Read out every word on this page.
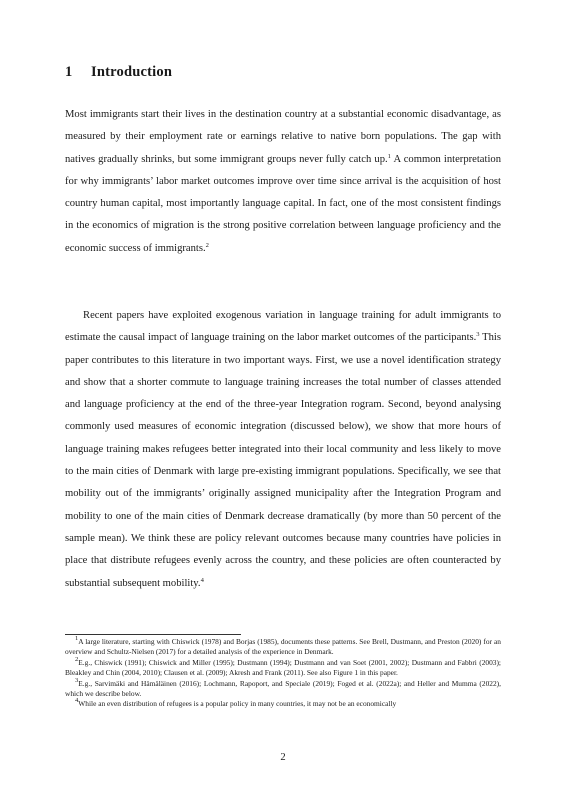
1 Introduction

Most immigrants start their lives in the destination country at a substantial economic disadvantage, as measured by their employment rate or earnings relative to native born populations. The gap with natives gradually shrinks, but some immigrant groups never fully catch up.$^1$ A common interpretation for why immigrants’ labor market outcomes improve over time since arrival is the acquisition of host country human capital, most importantly language capital. In fact, one of the most consistent findings in the economics of migration is the strong positive correlation between language proficiency and the economic success of immigrants.$^2$

Recent papers have exploited exogenous variation in language training for adult immigrants to estimate the causal impact of language training on the labor market outcomes of the participants.$^3$ This paper contributes to this literature in two important ways. First, we use a novel identification strategy and show that a shorter commute to language training increases the total number of classes attended and language proficiency at the end of the three-year Integration rogram. Second, beyond analysing commonly used measures of economic integration (discussed below), we show that more hours of language training makes refugees better integrated into their local community and less likely to move to the main cities of Denmark with large pre-existing immigrant populations. Specifically, we see that mobility out of the immigrants’ originally assigned municipality after the Integration Program and mobility to one of the main cities of Denmark decrease dramatically (by more than 50 percent of the sample mean). We think these are policy relevant outcomes because many countries have policies in place that distribute refugees evenly across the country, and these policies are often counteracted by substantial subsequent mobility.$^4$

$^1$A large literature, starting with Chiswick (1978) and Borjas (1985), documents these patterns. See Brell, Dustmann, and Preston (2020) for an overview and Schultz-Nielsen (2017) for a detailed analysis of the experience in Denmark.

$^2$E.g., Chiswick (1991); Chiswick and Miller (1995); Dustmann (1994); Dustmann and van Soet (2001, 2002); Dustmann and Fabbri (2003); Bleakley and Chin (2004, 2010); Clausen et al. (2009); Akresh and Frank (2011). See also Figure 1 in this paper.

$^3$E.g., Sarvimäki and Hämäläinen (2016); Lochmann, Rapoport, and Speciale (2019); Foged et al. (2022a); and Heller and Mumma (2022), which we describe below.

$^4$While an even distribution of refugees is a popular policy in many countries, it may not be an economically

2
